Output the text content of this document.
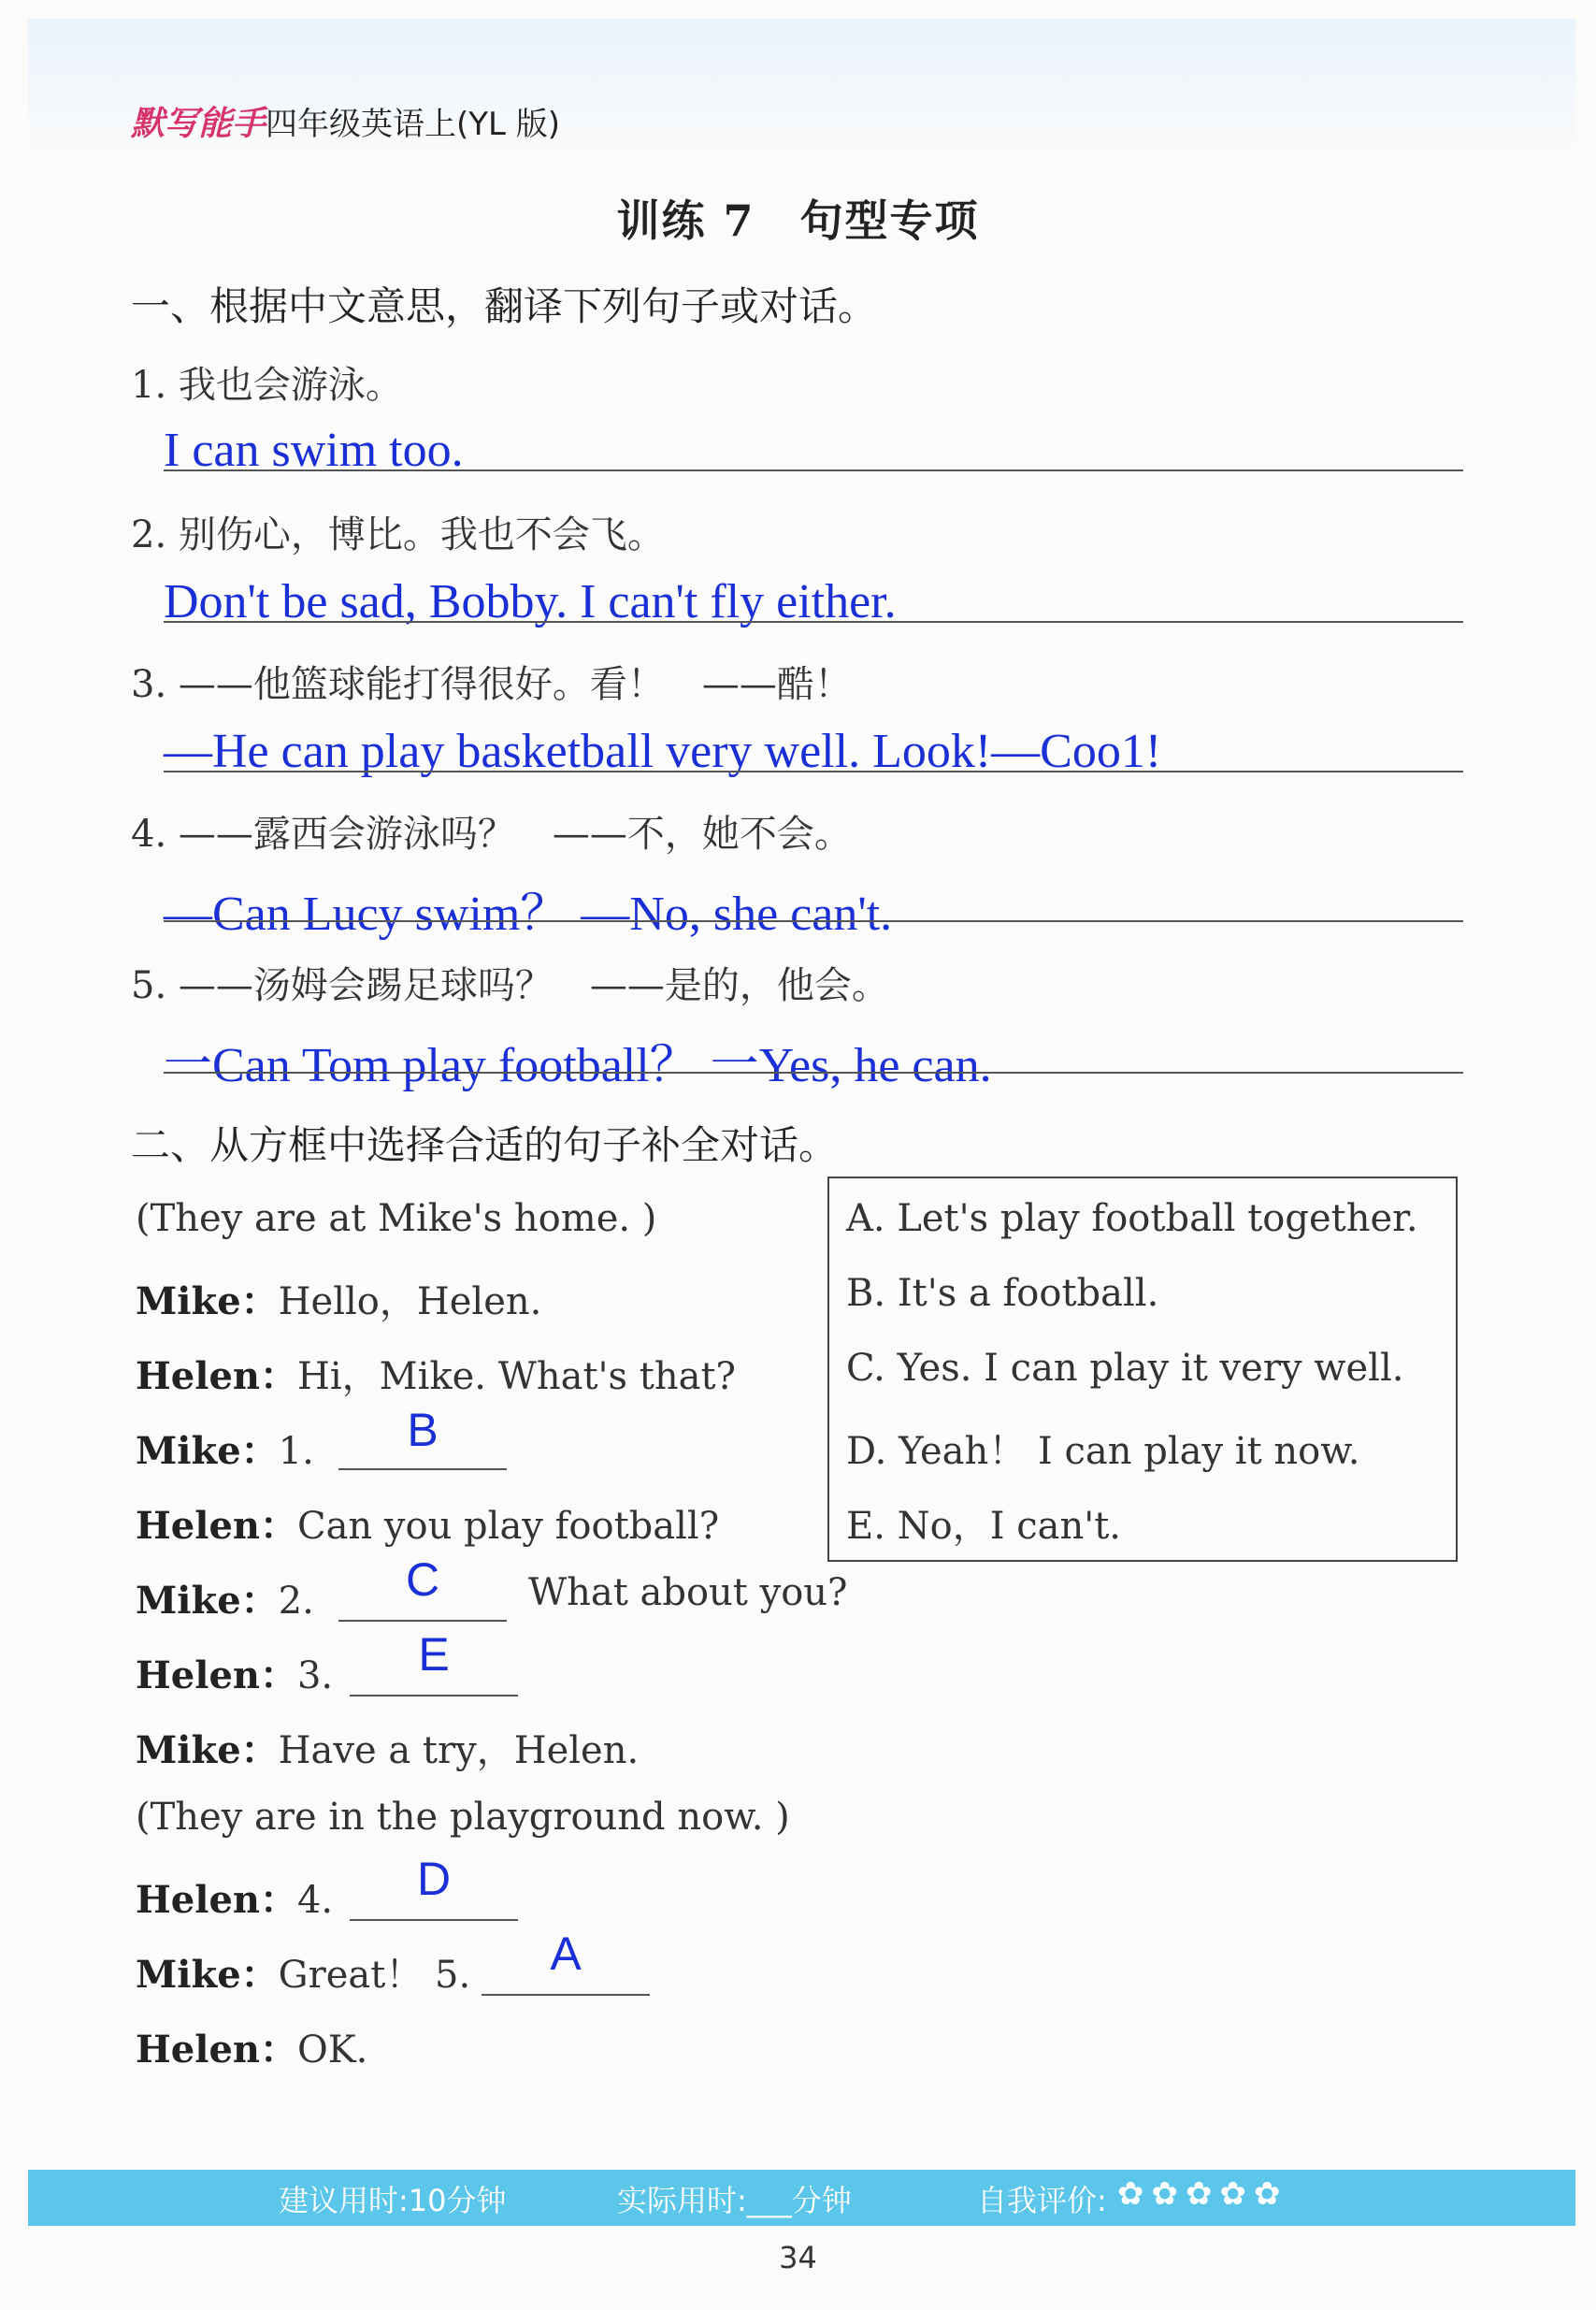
默写能手四年级英语上(YL 版)
训练 7　句型专项
一、根据中文意思，翻译下列句子或对话。
1. 我也会游泳。
I can swim too.
2. 别伤心，博比。我也不会飞。
Don't be sad, Bobby. I can't fly either.
3. ——他篮球能打得很好。看！　——酷！
—He can play basketball very well. Look!—Coo1!
4. ——露西会游泳吗？　——不，她不会。
—Can Lucy swim？ —No, she can't.
5. ——汤姆会踢足球吗？　——是的，他会。
一Can Tom play football？ 一Yes, he can.
二、从方框中选择合适的句子补全对话。
(They are at Mike's home. )
Mike：Hello，Helen.
Helen：Hi，Mike. What's that?
Mike：1.	B
Helen：Can you play football?
Mike：2.	C	What about you?
Helen：3.	E
Mike：Have a try，Helen.
(They are in the playground now. )
Helen：4.	D
Mike：Great！ 5.	A
Helen：OK.
A. Let's play football together.
B. It's a football.
C. Yes. I can play it very well.
D. Yeah！ I can play it now.
E. No，I can't.
建议用时:10分钟	实际用时:___分钟	自我评价: ✿ ✿ ✿ ✿ ✿
34
